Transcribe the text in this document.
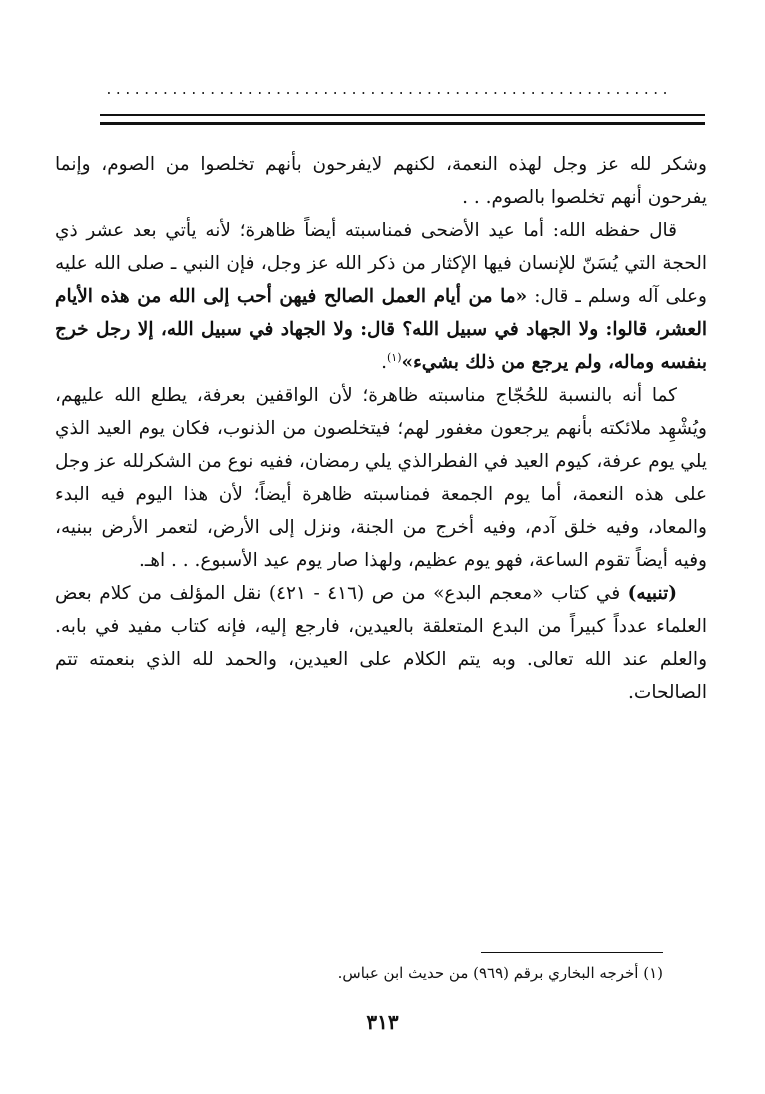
............................................................

وشكر لله عز وجل لهذه النعمة، لكنهم لايفرحون بأنهم تخلصوا من الصوم، وإنما يفرحون أنهم تخلصوا بالصوم. . .

قال حفظه الله: أما عيد الأضحى فمناسبته أيضاً ظاهرة؛ لأنه يأتي بعد عشر ذي الحجة التي يُسَنّ للإنسان فيها الإكثار من ذكر الله عز وجل، فإن النبي ـ صلى الله عليه وعلى آله وسلم ـ قال: «ما من أيام العمل الصالح فيهن أحب إلى الله من هذه الأيام العشر، قالوا: ولا الجهاد في سبيل الله؟ قال: ولا الجهاد في سبيل الله، إلا رجل خرج بنفسه وماله، ولم يرجع من ذلك بشيء»$^{(١)}$.

كما أنه بالنسبة للحُجّاج مناسبته ظاهرة؛ لأن الواقفين بعرفة، يطلع الله عليهم، ويُشْهِد ملائكته بأنهم يرجعون مغفور لهم؛ فيتخلصون من الذنوب، فكان يوم العيد الذي يلي يوم عرفة، كيوم العيد في الفطرالذي يلي رمضان، ففيه نوع من الشكرلله عز وجل على هذه النعمة، أما يوم الجمعة فمناسبته ظاهرة أيضاً؛ لأن هذا اليوم فيه البدء والمعاد، وفيه خلق آدم، وفيه أخرج من الجنة، ونزل إلى الأرض، لتعمر الأرض ببنيه، وفيه أيضاً تقوم الساعة، فهو يوم عظيم، ولهذا صار يوم عيد الأسبوع. . . اهـ.

(تنبيه) في كتاب «معجم البدع» من ص (٤١٦ - ٤٢١) نقل المؤلف من كلام بعض العلماء عدداً كبيراً من البدع المتعلقة بالعيدين، فارجع إليه، فإنه كتاب مفيد في بابه. والعلم عند الله تعالى. وبه يتم الكلام على العيدين، والحمد لله الذي بنعمته تتم الصالحات.

(١) أخرجه البخاري برقم (٩٦٩) من حديث ابن عباس.
٣١٣
